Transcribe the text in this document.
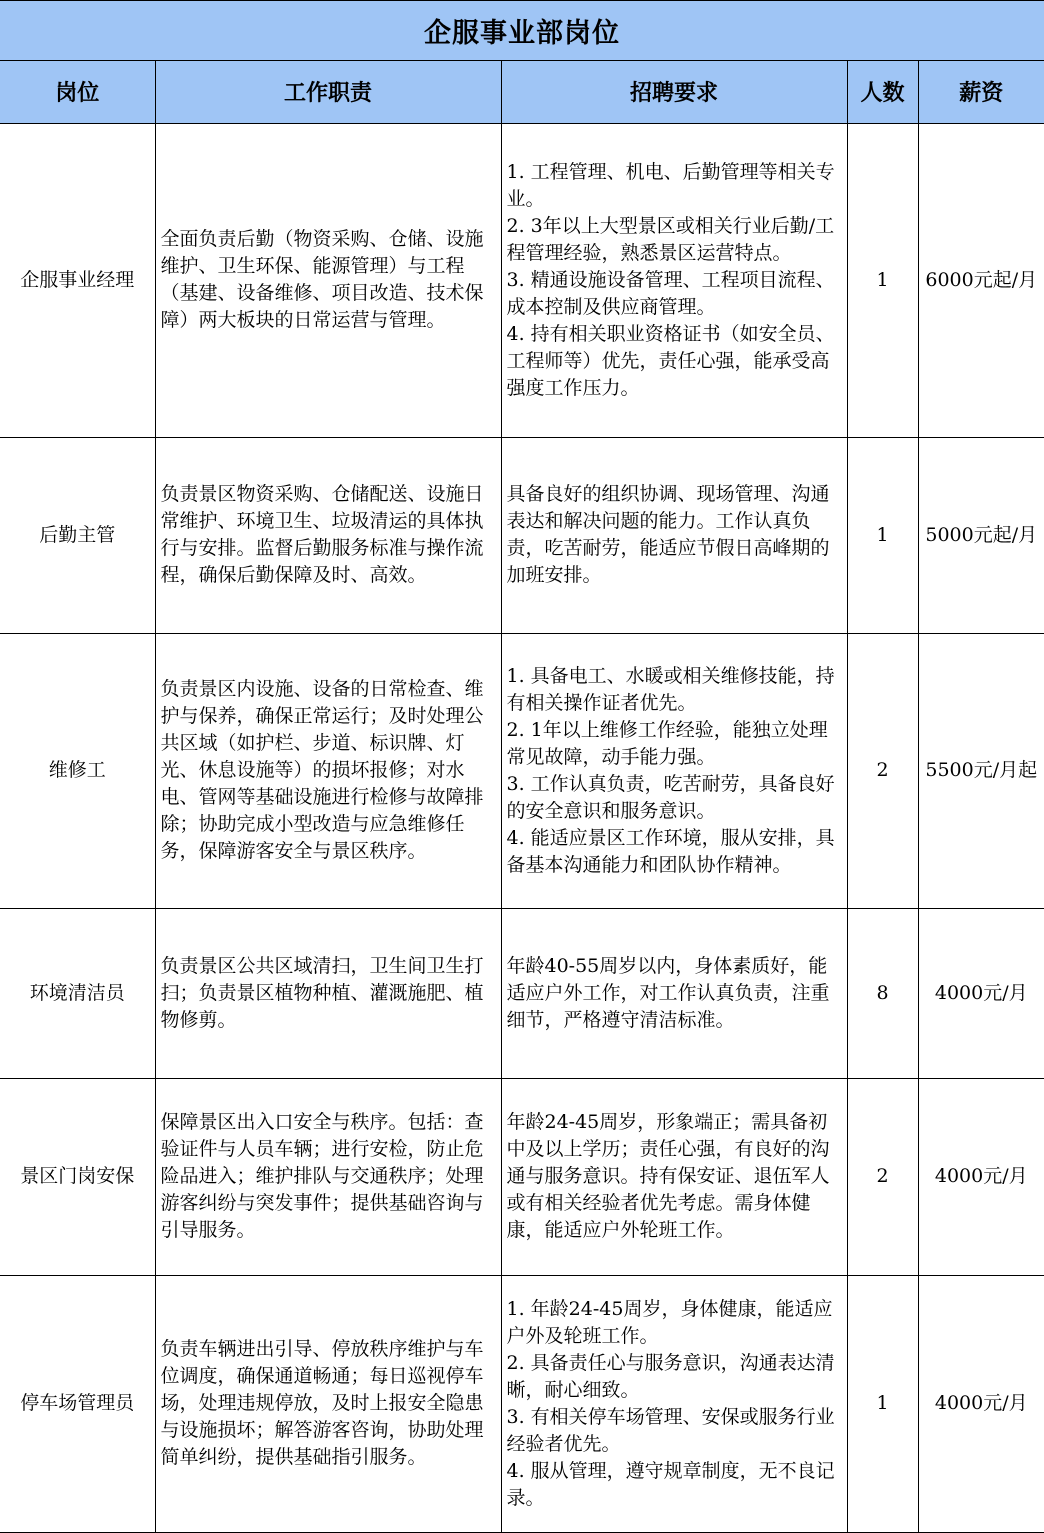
企服事业部岗位
岗位	工作职责	招聘要求	人数	薪资
企服事业经理	全面负责后勤（物资采购、仓储、设施维护、卫生环保、能源管理）与工程（基建、设备维修、项目改造、技术保障）两大板块的日常运营与管理。	1. 工程管理、机电、后勤管理等相关专业。
2. 3年以上大型景区或相关行业后勤/工程管理经验，熟悉景区运营特点。
3. 精通设施设备管理、工程项目流程、成本控制及供应商管理。
4. 持有相关职业资格证书（如安全员、工程师等）优先，责任心强，能承受高强度工作压力。	1	6000元起/月
后勤主管	负责景区物资采购、仓储配送、设施日常维护、环境卫生、垃圾清运的具体执行与安排。监督后勤服务标准与操作流程，确保后勤保障及时、高效。	具备良好的组织协调、现场管理、沟通表达和解决问题的能力。工作认真负责，吃苦耐劳，能适应节假日高峰期的加班安排。	1	5000元起/月
维修工	负责景区内设施、设备的日常检查、维护与保养，确保正常运行；及时处理公共区域（如护栏、步道、标识牌、灯光、休息设施等）的损坏报修；对水电、管网等基础设施进行检修与故障排除；协助完成小型改造与应急维修任务，保障游客安全与景区秩序。	1. 具备电工、水暖或相关维修技能，持有相关操作证者优先。
2. 1年以上维修工作经验，能独立处理常见故障，动手能力强。
3. 工作认真负责，吃苦耐劳，具备良好的安全意识和服务意识。
4. 能适应景区工作环境，服从安排，具备基本沟通能力和团队协作精神。	2	5500元/月起
环境清洁员	负责景区公共区域清扫，卫生间卫生打扫；负责景区植物种植、灌溉施肥、植物修剪。	年龄40-55周岁以内，身体素质好，能适应户外工作，对工作认真负责，注重细节，严格遵守清洁标准。	8	4000元/月
景区门岗安保	保障景区出入口安全与秩序。包括：查验证件与人员车辆；进行安检，防止危险品进入；维护排队与交通秩序；处理游客纠纷与突发事件；提供基础咨询与引导服务。	年龄24-45周岁，形象端正；需具备初中及以上学历；责任心强，有良好的沟通与服务意识。持有保安证、退伍军人或有相关经验者优先考虑。需身体健康，能适应户外轮班工作。	2	4000元/月
停车场管理员	负责车辆进出引导、停放秩序维护与车位调度，确保通道畅通；每日巡视停车场，处理违规停放，及时上报安全隐患与设施损坏；解答游客咨询，协助处理简单纠纷，提供基础指引服务。	1. 年龄24-45周岁，身体健康，能适应户外及轮班工作。
2. 具备责任心与服务意识，沟通表达清晰，耐心细致。
3. 有相关停车场管理、安保或服务行业经验者优先。
4. 服从管理，遵守规章制度，无不良记录。	1	4000元/月
